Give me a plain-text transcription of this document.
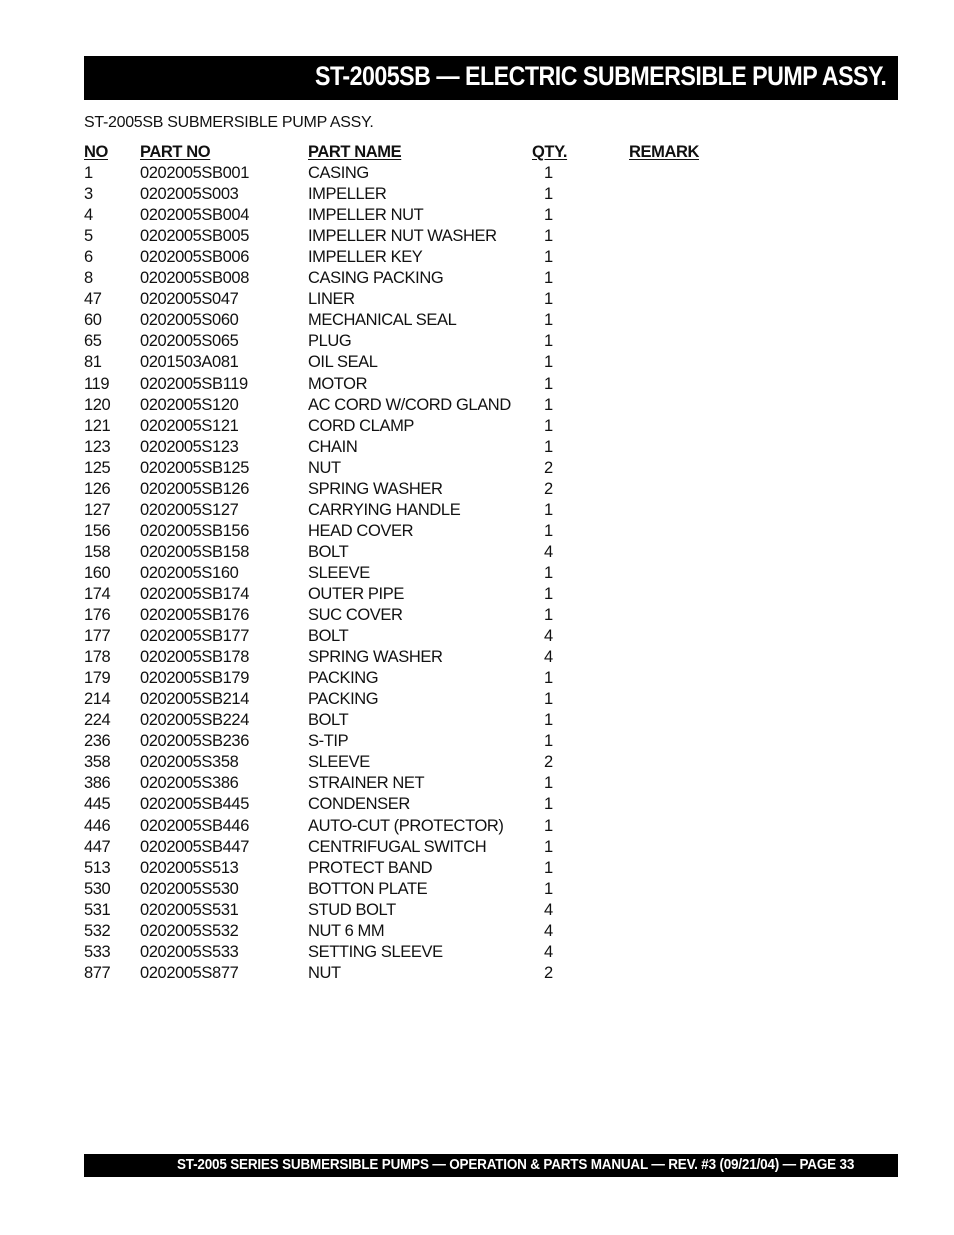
ST-2005SB — ELECTRIC SUBMERSIBLE PUMP ASSY.
ST-2005SB SUBMERSIBLE PUMP ASSY.
NO PART NO	PART NAME	QTY.	REMARK
1	0202005SB001	CASING	1
3	0202005S003	IMPELLER	1
4	0202005SB004	IMPELLER NUT	1
5	0202005SB005	IMPELLER NUT WASHER	1
6	0202005SB006	IMPELLER KEY	1
8	0202005SB008	CASING PACKING	1
47 0202005S047	LINER	1
60 0202005S060	MECHANICAL SEAL	1
65 0202005S065	PLUG	1
81 0201503A081	OIL SEAL	1
119 0202005SB119	MOTOR	1
120 0202005S120	AC CORD W/CORD GLAND 1
121 0202005S121	CORD CLAMP	1
123 0202005S123	CHAIN	1
125 0202005SB125	NUT	2
126 0202005SB126	SPRING WASHER	2
127 0202005S127	CARRYING HANDLE	1
156 0202005SB156	HEAD COVER	1
158 0202005SB158	BOLT	4
160 0202005S160	SLEEVE	1
174 0202005SB174	OUTER PIPE	1
176 0202005SB176	SUC COVER	1
177 0202005SB177	BOLT	4
178 0202005SB178	SPRING WASHER	4
179 0202005SB179	PACKING	1
214 0202005SB214	PACKING	1
224 0202005SB224	BOLT	1
236 0202005SB236	S-TIP	1
358 0202005S358	SLEEVE	2
386 0202005S386	STRAINER NET	1
445 0202005SB445	CONDENSER	1
446 0202005SB446	AUTO-CUT (PROTECTOR) 1
447 0202005SB447	CENTRIFUGAL SWITCH	1
513 0202005S513	PROTECT BAND	1
530 0202005S530	BOTTON PLATE	1
531 0202005S531	STUD BOLT	4
532 0202005S532	NUT 6 MM	4
533 0202005S533	SETTING SLEEVE	4
877 0202005S877	NUT	2
ST-2005 SERIES SUBMERSIBLE PUMPS — OPERATION & PARTS MANUAL — REV. #3 (09/21/04) — PAGE 33
